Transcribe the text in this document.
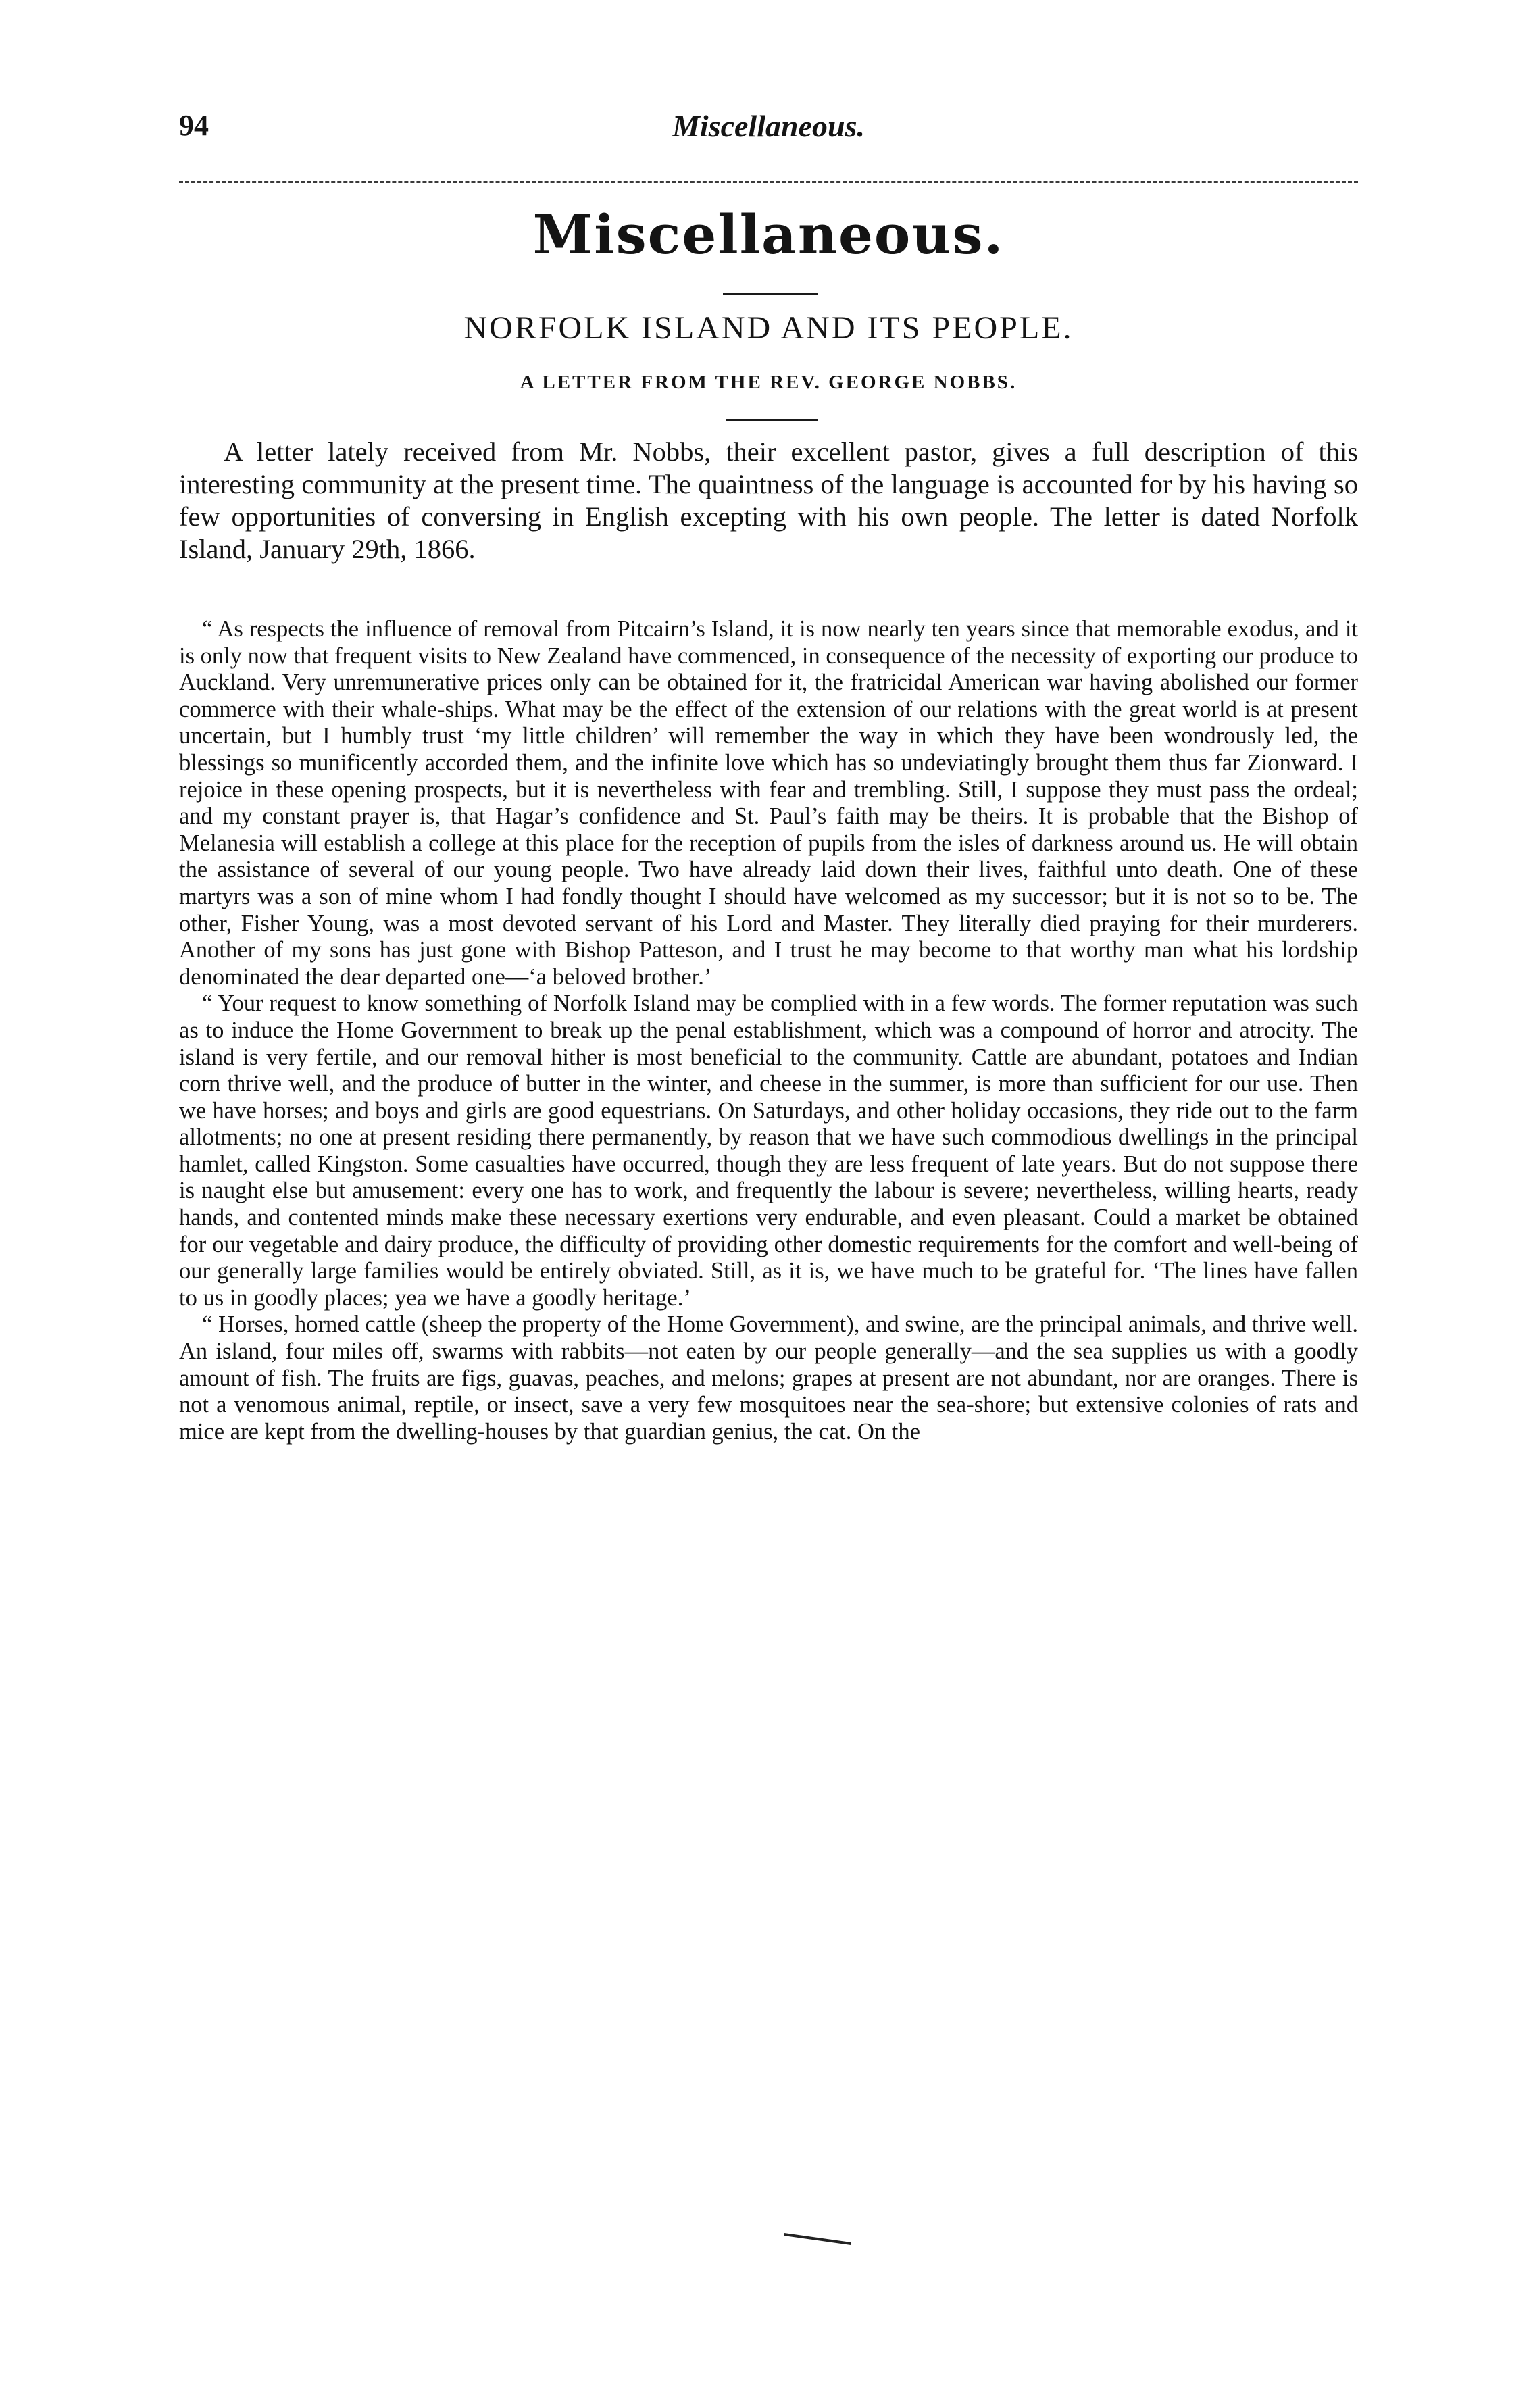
94	Miscellaneous.
Miscellaneous.
NORFOLK ISLAND AND ITS PEOPLE.
A LETTER FROM THE REV. GEORGE NOBBS.

A letter lately received from Mr. Nobbs, their excellent pastor, gives a full description of this interesting community at the present time. The quaintness of the language is accounted for by his having so few opportunities of conversing in English excepting with his own people. The letter is dated Norfolk Island, January 29th, 1866.

“ As respects the influence of removal from Pitcairn’s Island, it is now nearly ten years since that memorable exodus, and it is only now that frequent visits to New Zealand have commenced, in consequence of the necessity of exporting our produce to Auckland. Very unremunerative prices only can be obtained for it, the fratricidal American war having abolished our former commerce with their whale-ships. What may be the effect of the extension of our relations with the great world is at present uncertain, but I humbly trust ‘my little children’ will remember the way in which they have been wondrously led, the blessings so munificently accorded them, and the infinite love which has so undeviatingly brought them thus far Zionward. I rejoice in these opening prospects, but it is nevertheless with fear and trembling. Still, I suppose they must pass the ordeal; and my constant prayer is, that Hagar’s confidence and St. Paul’s faith may be theirs. It is probable that the Bishop of Melanesia will establish a college at this place for the reception of pupils from the isles of darkness around us. He will obtain the assistance of several of our young people. Two have already laid down their lives, faithful unto death. One of these martyrs was a son of mine whom I had fondly thought I should have welcomed as my successor; but it is not so to be. The other, Fisher Young, was a most devoted servant of his Lord and Master. They literally died praying for their murderers. Another of my sons has just gone with Bishop Patteson, and I trust he may become to that worthy man what his lordship denominated the dear departed one—‘a beloved brother.’

“ Your request to know something of Norfolk Island may be complied with in a few words. The former reputation was such as to induce the Home Government to break up the penal establishment, which was a compound of horror and atrocity. The island is very fertile, and our removal hither is most beneficial to the community. Cattle are abundant, potatoes and Indian corn thrive well, and the produce of butter in the winter, and cheese in the summer, is more than sufficient for our use. Then we have horses; and boys and girls are good equestrians. On Saturdays, and other holiday occasions, they ride out to the farm allotments; no one at present residing there permanently, by reason that we have such commodious dwellings in the principal hamlet, called Kingston. Some casualties have occurred, though they are less frequent of late years. But do not suppose there is naught else but amusement: every one has to work, and frequently the labour is severe; nevertheless, willing hearts, ready hands, and contented minds make these necessary exertions very endurable, and even pleasant. Could a market be obtained for our vegetable and dairy produce, the difficulty of providing other domestic requirements for the comfort and well-being of our generally large families would be entirely obviated. Still, as it is, we have much to be grateful for. ‘The lines have fallen to us in goodly places; yea we have a goodly heritage.’

“ Horses, horned cattle (sheep the property of the Home Government), and swine, are the principal animals, and thrive well. An island, four miles off, swarms with rabbits—not eaten by our people generally—and the sea supplies us with a goodly amount of fish. The fruits are figs, guavas, peaches, and melons; grapes at present are not abundant, nor are oranges. There is not a venomous animal, reptile, or insect, save a very few mosquitoes near the sea-shore; but extensive colonies of rats and mice are kept from the dwelling-houses by that guardian genius, the cat. On the
